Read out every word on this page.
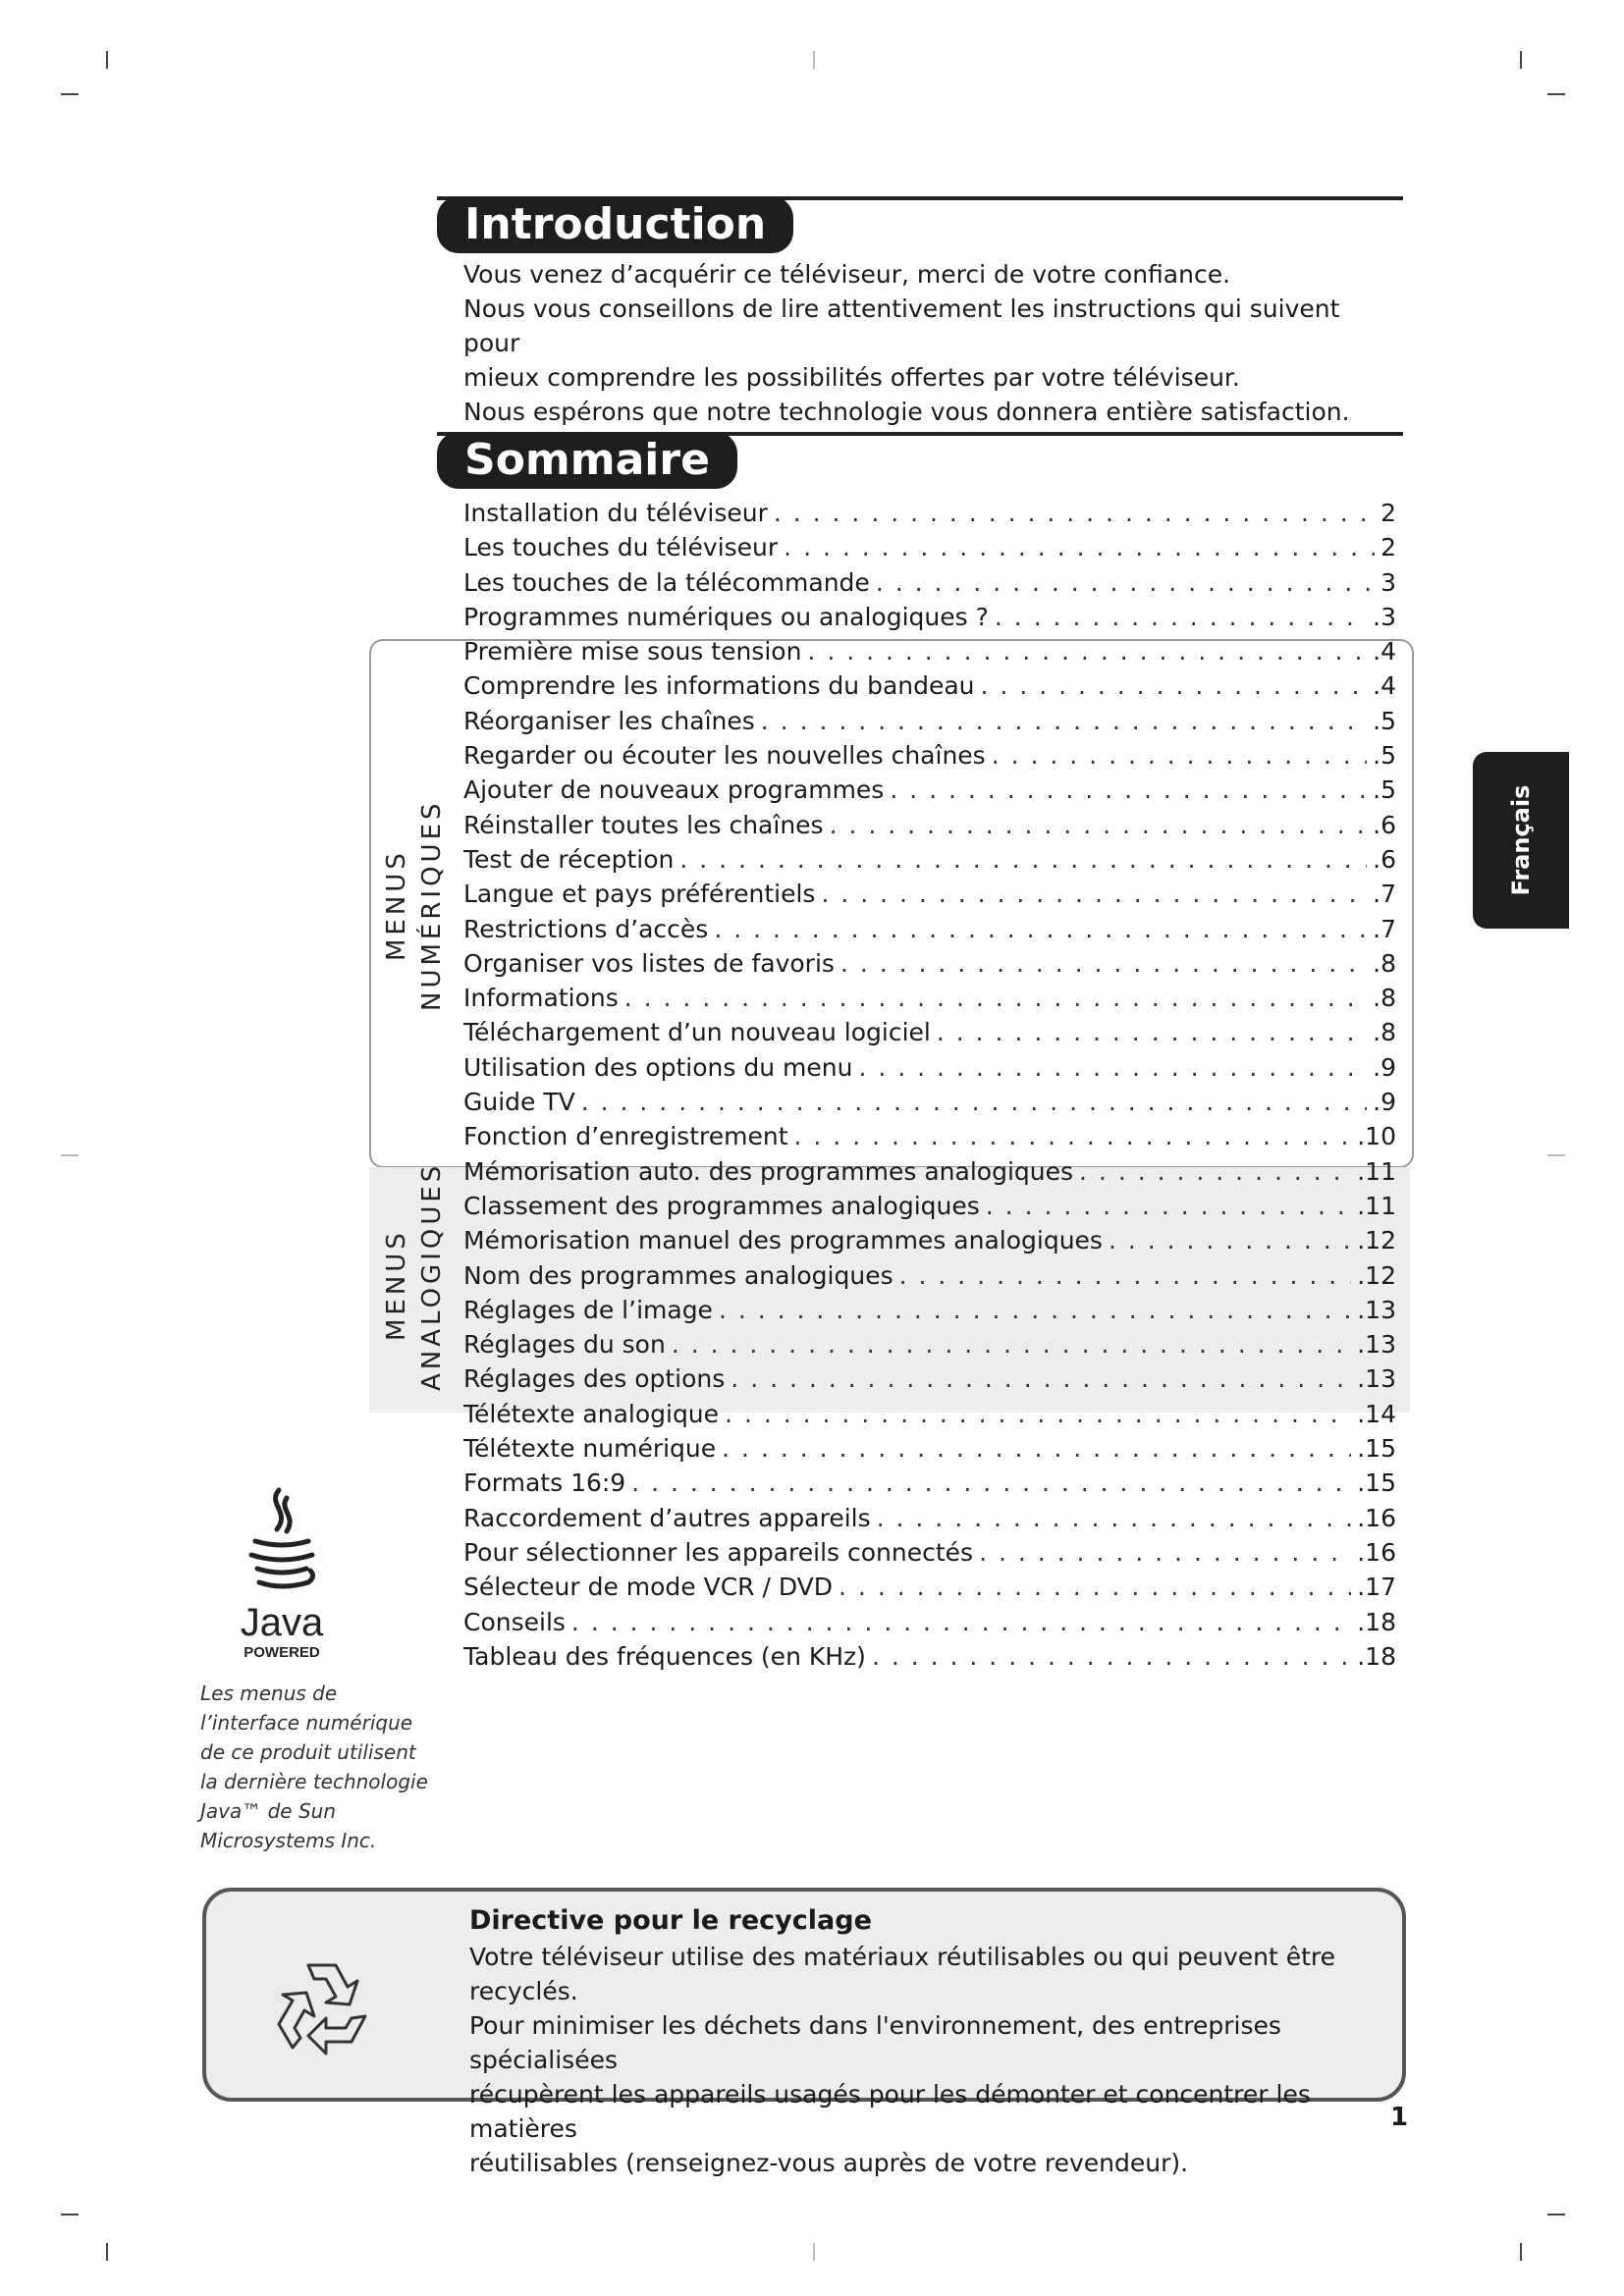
Introduction

Vous venez d’acquérir ce téléviseur, merci de votre confiance.

Nous vous conseillons de lire attentivement les instructions qui suivent pour

mieux comprendre les possibilités offertes par votre téléviseur.

Nous espérons que notre technologie vous donnera entière satisfaction.

Sommaire
MENUS NUMÉRIQUES
MENUS ANALOGIQUES
Installation du téléviseur . . .	2
Les touches du téléviseur . . .	2
Les touches de la télécommande . . .	3
Programmes numériques ou analogiques ? . . .	.3
Première mise sous tension . . .	.4
Comprendre les informations du bandeau . . .	.4
Réorganiser les chaînes . . .	.5
Regarder ou écouter les nouvelles chaînes . . .	.5
Ajouter de nouveaux programmes . . .	.5
Réinstaller toutes les chaînes . . .	.6
Test de réception . . .	.6
Langue et pays préférentiels . . .	.7
Restrictions d’accès . . .	.7
Organiser vos listes de favoris . . .	.8
Informations . . .	.8
Téléchargement d’un nouveau logiciel . . .	.8
Utilisation des options du menu . . .	.9
Guide TV . . .	.9
Fonction d’enregistrement . . .	.10
Mémorisation auto. des programmes analogiques . . .	.11
Classement des programmes analogiques . . .	.11
Mémorisation manuel des programmes analogiques . . .	.12
Nom des programmes analogiques . . .	.12
Réglages de l’image . . .	.13
Réglages du son . . .	.13
Réglages des options . . .	.13
Télétexte analogique . . .	.14
Télétexte numérique . . .	.15
Formats 16:9 . . .	.15
Raccordement d’autres appareils . . .	.16
Pour sélectionner les appareils connectés . . .	.16
Sélecteur de mode VCR / DVD . . .	.17
Conseils . . .	.18
Tableau des fréquences (en KHz) . . .	.18
Français
Java
POWERED

Les menus de

l’interface numérique

de ce produit utilisent

la dernière technologie

Java™ de Sun

Microsystems Inc.

Directive pour le recyclage

Votre téléviseur utilise des matériaux réutilisables ou qui peuvent être recyclés.

Pour minimiser les déchets dans l'environnement, des entreprises spécialisées

récupèrent les appareils usagés pour les démonter et concentrer les matières

réutilisables (renseignez-vous auprès de votre revendeur).

1
